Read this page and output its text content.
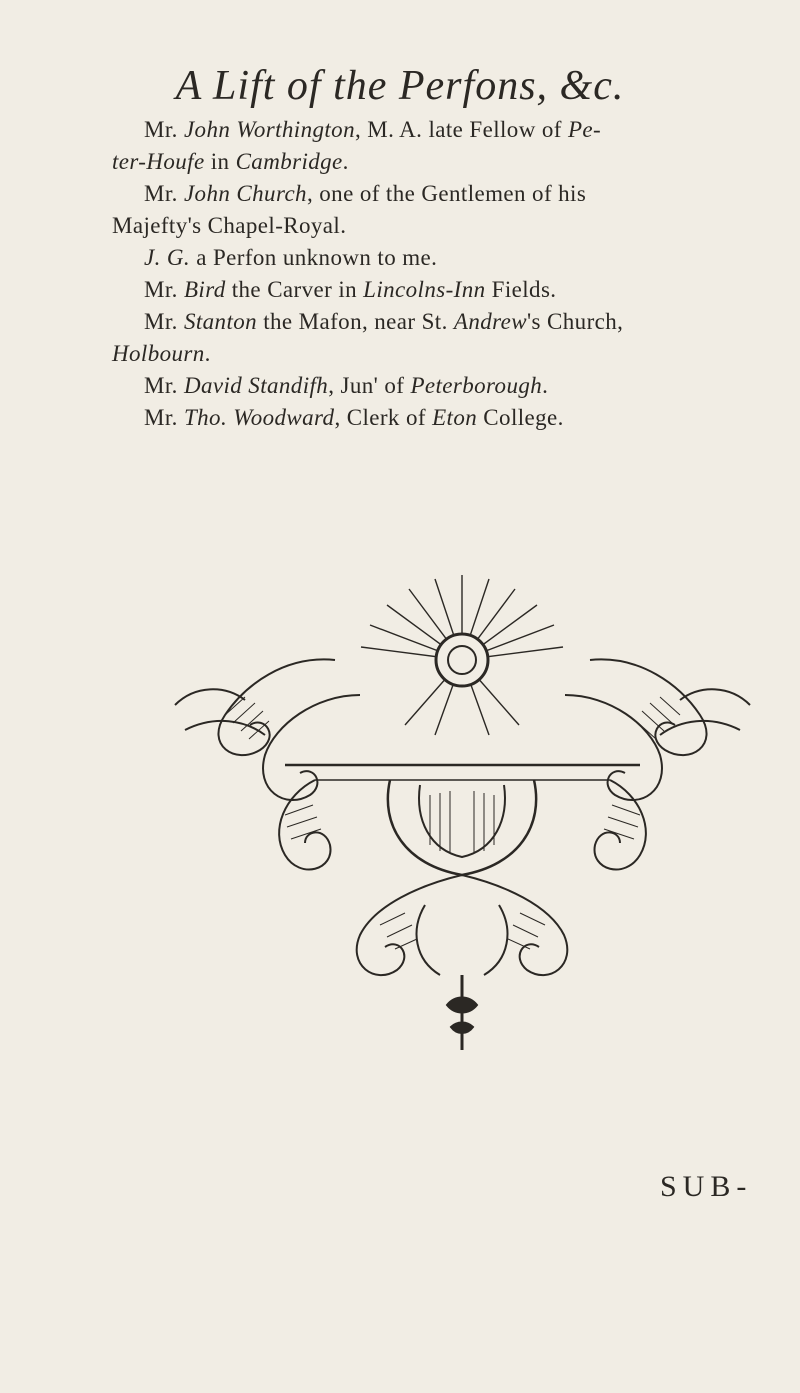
A Lift of the Perfons, &c.
Mr. John Worthington, M. A. late Fellow of Pe-
ter-Houfe in Cambridge.
Mr. John Church, one of the Gentlemen of his
Majefty's Chapel-Royal.
J. G. a Perfon unknown to me.
Mr. Bird the Carver in Lincolns-Inn Fields.
Mr. Stanton the Mafon, near St. Andrew's Church,
Holbourn.
Mr. David Standifh, Jun' of Peterborough.
Mr. Tho. Woodward, Clerk of Eton College.
SUB-
